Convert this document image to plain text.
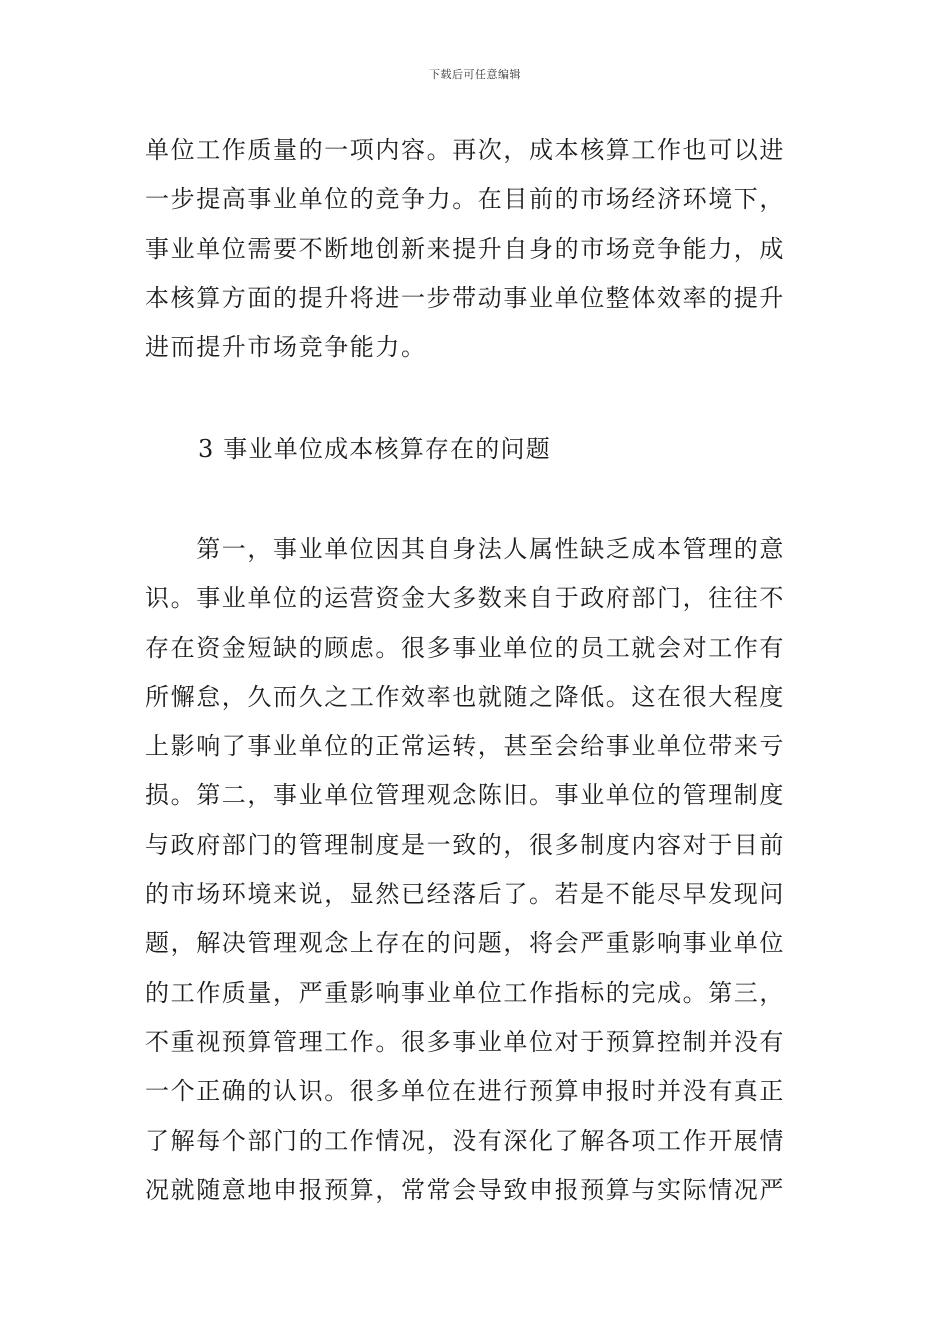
下载后可任意编辑
单位工作质量的一项内容。再次，成本核算工作也可以进
一步提高事业单位的竞争力。在目前的市场经济环境下，
事业单位需要不断地创新来提升自身的市场竞争能力，成
本核算方面的提升将进一步带动事业单位整体效率的提升
进而提升市场竞争能力。
3 事业单位成本核算存在的问题
　　第一，事业单位因其自身法人属性缺乏成本管理的意
识。事业单位的运营资金大多数来自于政府部门，往往不
存在资金短缺的顾虑。很多事业单位的员工就会对工作有
所懈怠，久而久之工作效率也就随之降低。这在很大程度
上影响了事业单位的正常运转，甚至会给事业单位带来亏
损。第二，事业单位管理观念陈旧。事业单位的管理制度
与政府部门的管理制度是一致的，很多制度内容对于目前
的市场环境来说，显然已经落后了。若是不能尽早发现问
题，解决管理观念上存在的问题，将会严重影响事业单位
的工作质量，严重影响事业单位工作指标的完成。第三，
不重视预算管理工作。很多事业单位对于预算控制并没有
一个正确的认识。很多单位在进行预算申报时并没有真正
了解每个部门的工作情况，没有深化了解各项工作开展情
况就随意地申报预算，常常会导致申报预算与实际情况严
